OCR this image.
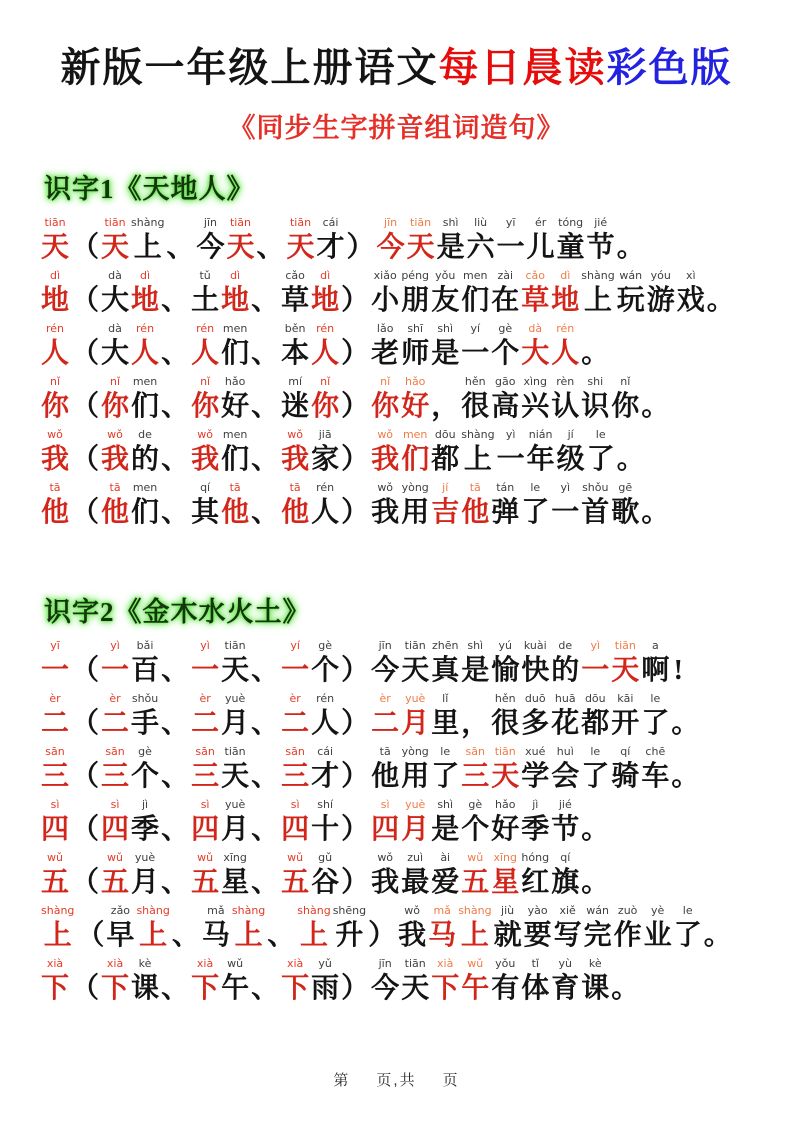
新版一年级上册语文每日晨读彩色版
《同步生字拼音组词造句》
识字1《天地人》
tiān
天 （
tiān
天
shàng
上 、
jīn
今
tiān
天 、
tiān
天
cái
才 ）
jīn
今
tiān
天
shì
是
liù
六
yī
一
ér
儿
tóng
童
jié
节 。
dì
地 （
dà
大
dì
地 、
tǔ
土
dì
地 、
cǎo
草
dì
地 ）
xiǎo
小
péng
朋
yǒu
友
men
们
zài
在
cǎo
草
dì
地
shàng
上
wán
玩
yóu
游
xì
戏 。
rén
人 （
dà
大
rén
人 、
rén
人
men
们 、
běn
本
rén
人 ）
lǎo
老
shī
师
shì
是
yí
一
gè
个
dà
大
rén
人 。
nǐ
你 （
nǐ
你
men
们 、
nǐ
你
hǎo
好 、
mí
迷
nǐ
你 ）
nǐ
你
hǎo
好 ，
hěn
很
gāo
高
xìng
兴
rèn
认
shi
识
nǐ
你 。
wǒ
我 （
wǒ
我
de
的 、
wǒ
我
men
们 、
wǒ
我
jiā
家 ）
wǒ
我
men
们
dōu
都
shàng
上
yì
一
nián
年
jí
级
le
了 。
tā
他 （
tā
他
men
们 、
qí
其
tā
他 、
tā
他
rén
人 ）
wǒ
我
yòng
用
jí
吉
tā
他
tán
弹
le
了
yì
一
shǒu
首
gē
歌 。
识字2《金木水火土》
yī
一 （
yì
一
bǎi
百 、
yì
一
tiān
天 、
yí
一
gè
个 ）
jīn
今
tiān
天
zhēn
真
shì
是
yú
愉
kuài
快
de
的
yì
一
tiān
天
a
啊 !
èr
二 （
èr
二
shǒu
手 、
èr
二
yuè
月 、
èr
二
rén
人 ）
èr
二
yuè
月
lǐ
里 ，
hěn
很
duō
多
huā
花
dōu
都
kāi
开
le
了 。
sān
三 （
sān
三
gè
个 、
sān
三
tiān
天 、
sān
三
cái
才 ）
tā
他
yòng
用
le
了
sān
三
tiān
天
xué
学
huì
会
le
了
qí
骑
chē
车 。
sì
四 （
sì
四
jì
季 、
sì
四
yuè
月 、
sì
四
shí
十 ）
sì
四
yuè
月
shì
是
gè
个
hǎo
好
jì
季
jié
节 。
wǔ
五 （
wǔ
五
yuè
月 、
wǔ
五
xīng
星 、
wǔ
五
gǔ
谷 ）
wǒ
我
zuì
最
ài
爱
wǔ
五
xīng
星
hóng
红
qí
旗 。
shàng
上 （
zǎo
早
shàng
上 、
mǎ
马
shàng
上 、
shàng
上
shēng
升 ）
wǒ
我
mǎ
马
shàng
上
jiù
就
yào
要
xiě
写
wán
完
zuò
作
yè
业
le
了 。
xià
下 （
xià
下
kè
课 、
xià
下
wǔ
午 、
xià
下
yǔ
雨 ）
jīn
今
tiān
天
xià
下
wǔ
午
yǒu
有
tǐ
体
yù
育
kè
课 。
第 页,共 页
